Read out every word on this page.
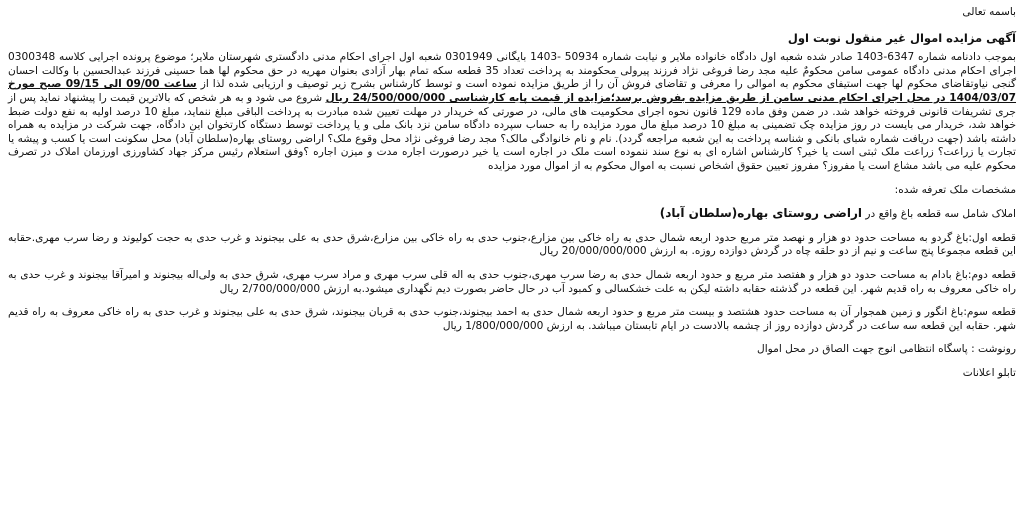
باسمه تعالی
آگهی مزایده اموال غیر منقول نوبت اول
بموجب دادنامه شماره 6347-1403 صادر شده شعبه اول دادگاه خانواده ملایر و نیابت شماره 50934 -1403 بایگانی 0301949 شعبه اول اجرای احکام مدنی دادگستری شهرستان ملایر؛ موضوع پرونده اجرایی کلاسه 0300348 اجرای احکام مدنی دادگاه عمومی سامن محکومٌ علیه مجد رضا فروغی نژاد فرزند پیرولی محکومند به پرداخت تعداد 35 قطعه سکه تمام بهار آزادی بعنوان مهریه در حق محکوم لها هما حسینی فرزند عبدالحسین با وکالت احسان گنجی نیاوتقاضای محکوم لها جهت استیفای محکوم به اموالی را معرفی و تقاضای فروش آن را از طریق مزایده نموده است و توسط کارشناس بشرح زیر توصیف و ارزیابی شده لذا از ساعت 09/00 الی 09/15 صبح مورخ 1404/03/07 در محل اجرای احکام مدنی سامن از طریق مزایده بفروش برسد؛مزایده از قیمت پایه کارشناسی 24/500/000/000 ریال شروع می شود و به هر شخص که بالاترین قیمت را پیشنهاد نماید پس از جری تشریفات قانونی فروخته خواهد شد. در ضمن وفق ماده 129 قانون نحوه اجرای محکومیت های مالی، در صورتی که خریدار در مهلت تعیین شده مبادرت به پرداخت الباقی مبلغ ننماید، مبلغ 10 درصد اولیه به نفع دولت ضبط خواهد شد، خریدار می بایست در روز مزایده چک تضمینی به مبلغ 10 درصد مبلغ مال مورد مزایده را به حساب سپرده دادگاه سامن نزد بانک ملی و یا پرداخت توسط دستگاه کارتخوان این دادگاه، جهت شرکت در مزایده به همراه داشته باشد (جهت دریافت شماره شبای بانکی و شناسه پرداخت به این شعبه مراجعه گردد). نام و نام خانوادگی مالک؟ مجد رضا فروغی نژاد محل وقوع ملک؟ اراضی روستای بهاره(سلطان آباد) محل سکونت است یا کسب و پیشه یا تجارت یا زراعت؟ زراعت ملک ثبتی است یا خیر؟ کارشناس اشاره ای به نوع سند ننموده است ملک در اجاره است یا خیر درصورت اجاره مدت و میزن اجاره ؟وفق استعلام رئیس مرکز جهاد کشاورزی اورزمان املاک در تصرف محکوم علیه می باشد مشاع است یا مفروز؟ مفروز تعیین حقوق اشخاص نسبت به اموال محکوم به از اموال مورد مزایده
مشخصات ملک تعرفه شده:
املاک شامل سه قطعه باغ واقع در اراضی روستای بهاره(سلطان آباد)
قطعه اول:باغ گردو به مساحت حدود دو هزار و نهصد متر مربع حدود اربعه شمال حدی به راه خاکی بین مزارع،جنوب حدی به راه خاکی بین مزارع،شرق حدی به علی بیجنوند و غرب حدی به حجت کولیوند و رضا سرب مهری.حقابه این قطعه مجموعا پنج ساعت و نیم از دو حلقه چاه در گردش دوازده روزه. به ارزش 20/000/000/000 ریال
قطعه دوم:باغ بادام به مساحت حدود دو هزار و هفتصد متر مربع و حدود اربعه شمال حدی به رضا سرب مهری،جنوب حدی به اله قلی سرب مهری و مراد سرب مهری، شرق حدی به ولی‌اله بیجنوند و امیرآقا بیجنوند و غرب حدی به راه خاکی معروف به راه قدیم شهر. این قطعه در گذشته حقابه داشته لیکن به علت خشکسالی و کمبود آب در حال حاضر بصورت دیم نگهداری میشود.به ارزش 2/700/000/000 ریال
قطعه سوم:باغ انگور و زمین همجوار آن به مساحت حدود هشتصد و بیست متر مربع و حدود اربعه شمال حدی به احمد بیجنوند،جنوب حدی به قربان بیجنوند، شرق حدی به علی بیجنوند و غرب حدی به راه خاکی معروف به راه قدیم شهر. حقابه این قطعه سه ساعت در گردش دوازده روز از چشمه بالادست در ایام تابستان میباشد. به ارزش 1/800/000/000 ریال
رونوشت : پاسگاه انتظامی انوج جهت الصاق در محل اموال
تابلو اعلانات
